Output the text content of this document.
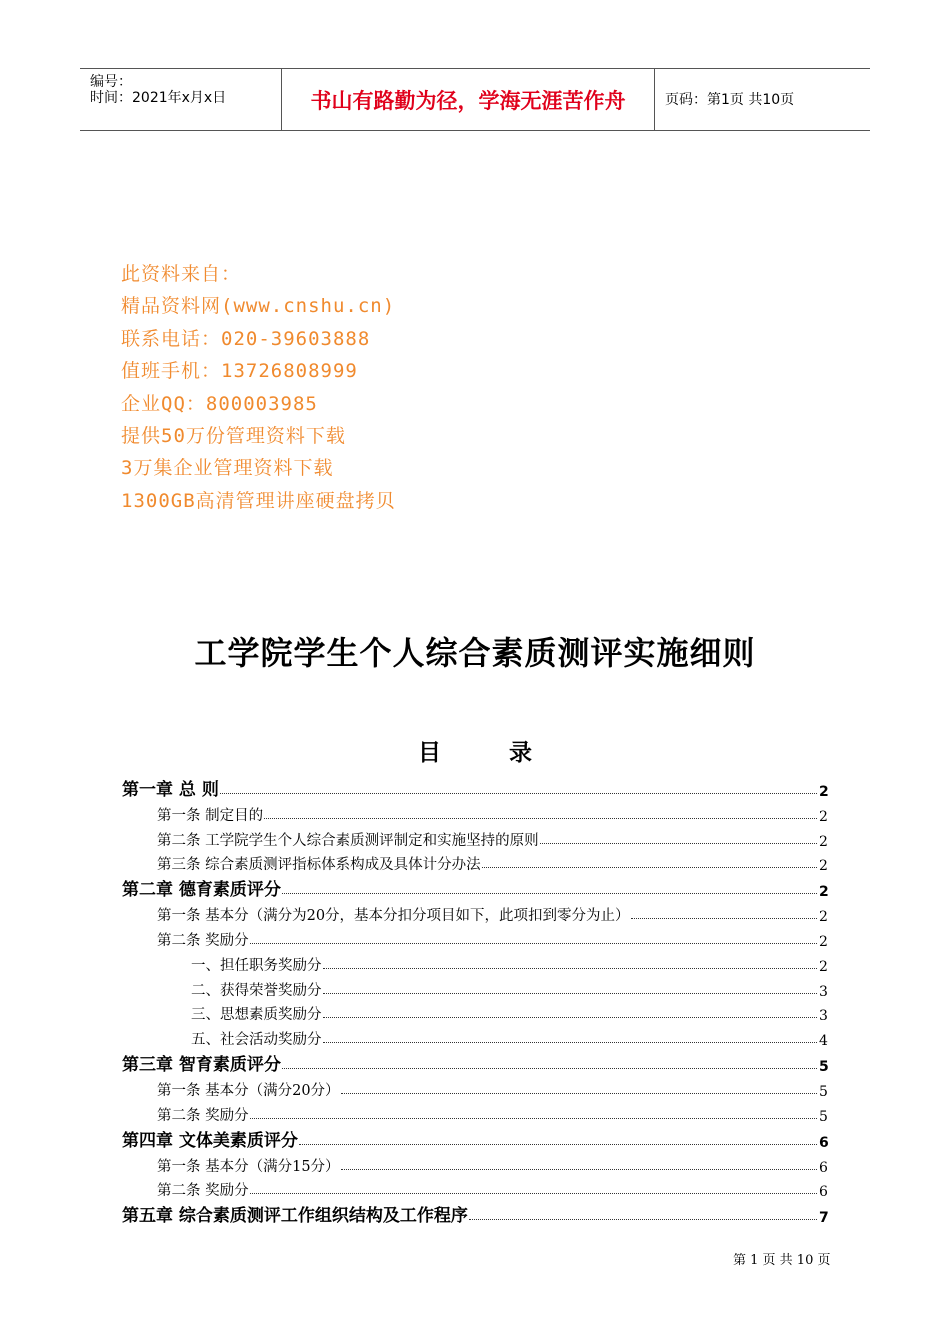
编号：
时间：2021年x月x日	书山有路勤为径，学海无涯苦作舟	页码：第1页 共10页
此资料来自：
精品资料网(www.cnshu.cn)
联系电话：020-39603888
值班手机：13726808999
企业QQ：800003985
提供50万份管理资料下载
3万集企业管理资料下载
1300GB高清管理讲座硬盘拷贝
工学院学生个人综合素质测评实施细则
目 录
第一章 总 则	2
第一条 制定目的	2
第二条 工学院学生个人综合素质测评制定和实施坚持的原则	2
第三条 综合素质测评指标体系构成及具体计分办法	2
第二章 德育素质评分	2
第一条 基本分（满分为20分，基本分扣分项目如下，此项扣到零分为止）	2
第二条 奖励分	2
一、担任职务奖励分	2
二、获得荣誉奖励分	3
三、思想素质奖励分	3
五、社会活动奖励分	4
第三章 智育素质评分	5
第一条 基本分（满分20分）	5
第二条 奖励分	5
第四章 文体美素质评分	6
第一条 基本分（满分15分）	6
第二条 奖励分	6
第五章 综合素质测评工作组织结构及工作程序	7
第 1 页 共 10 页
